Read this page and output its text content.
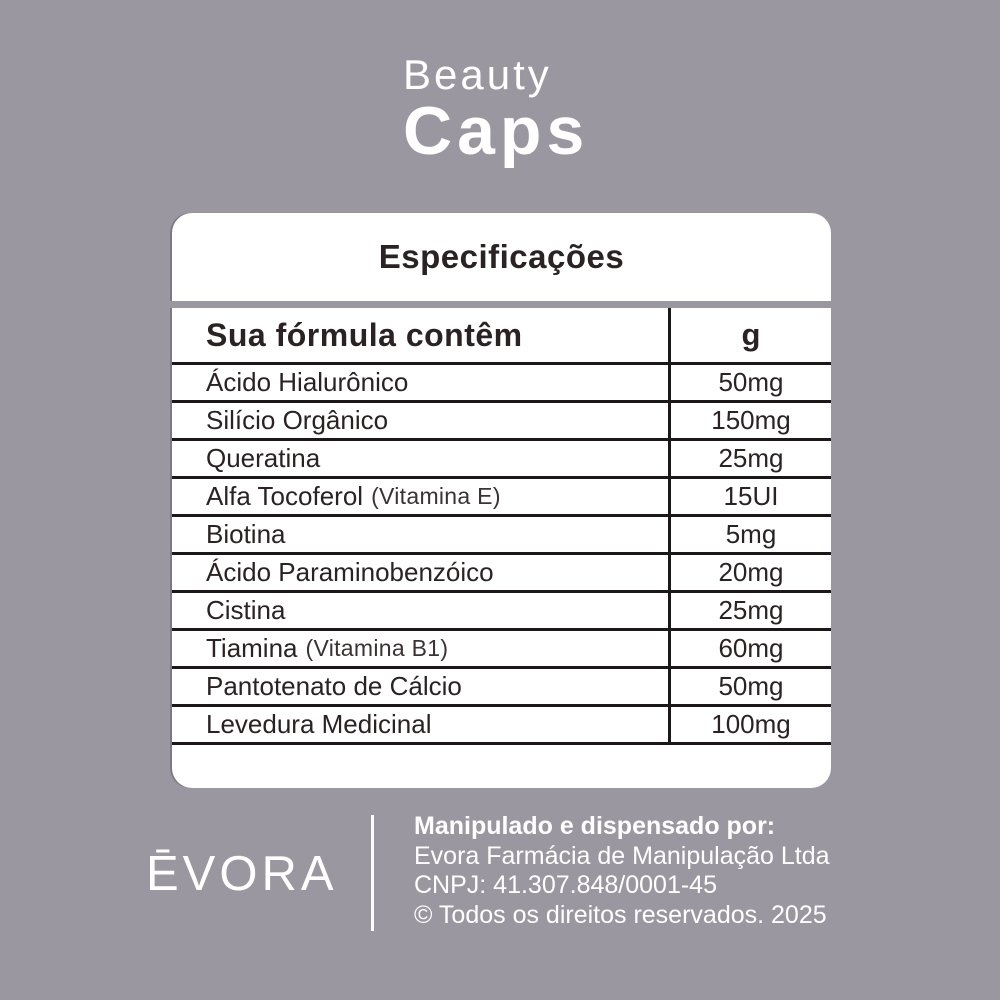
Beauty
Caps
Especificações
Sua fórmula contêm	g
Ácido Hialurônico	50mg
Silício Orgânico	150mg
Queratina	25mg
Alfa Tocoferol (Vitamina E)	15UI
Biotina	5mg
Ácido Paraminobenzóico	20mg
Cistina	25mg
Tiamina (Vitamina B1)	60mg
Pantotenato de Cálcio	50mg
Levedura Medicinal	100mg
ĒVORA
Manipulado e dispensado por:
Evora Farmácia de Manipulação Ltda
CNPJ: 41.307.848/0001-45
© Todos os direitos reservados. 2025
